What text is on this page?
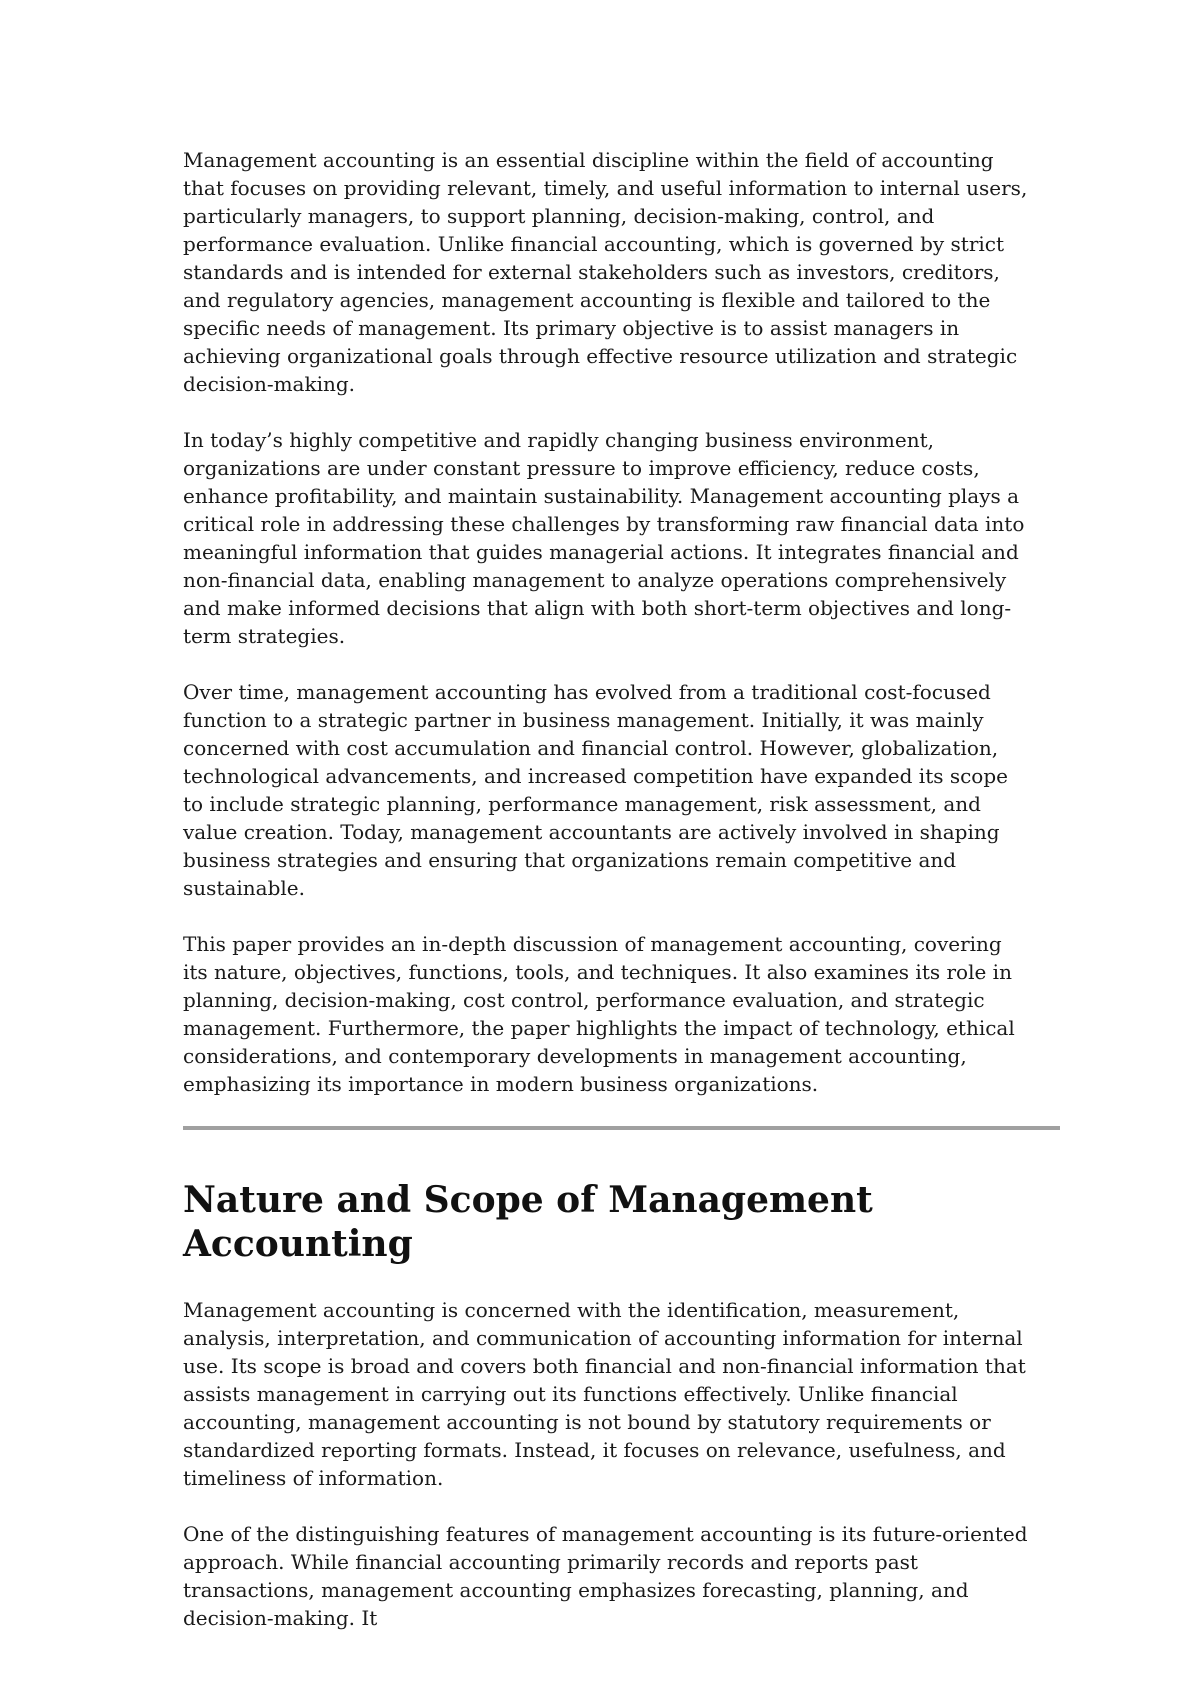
Management accounting is an essential discipline within the field of accounting that focuses on providing relevant, timely, and useful information to internal users, particularly managers, to support planning, decision-making, control, and performance evaluation. Unlike financial accounting, which is governed by strict standards and is intended for external stakeholders such as investors, creditors, and regulatory agencies, management accounting is flexible and tailored to the specific needs of management. Its primary objective is to assist managers in achieving organizational goals through effective resource utilization and strategic decision-making.

In today’s highly competitive and rapidly changing business environment, organizations are under constant pressure to improve efficiency, reduce costs, enhance profitability, and maintain sustainability. Management accounting plays a critical role in addressing these challenges by transforming raw financial data into meaningful information that guides managerial actions. It integrates financial and non-financial data, enabling management to analyze operations comprehensively and make informed decisions that align with both short-term objectives and long-term strategies.

Over time, management accounting has evolved from a traditional cost-focused function to a strategic partner in business management. Initially, it was mainly concerned with cost accumulation and financial control. However, globalization, technological advancements, and increased competition have expanded its scope to include strategic planning, performance management, risk assessment, and value creation. Today, management accountants are actively involved in shaping business strategies and ensuring that organizations remain competitive and sustainable.

This paper provides an in-depth discussion of management accounting, covering its nature, objectives, functions, tools, and techniques. It also examines its role in planning, decision-making, cost control, performance evaluation, and strategic management. Furthermore, the paper highlights the impact of technology, ethical considerations, and contemporary developments in management accounting, emphasizing its importance in modern business organizations.

Nature and Scope of Management Accounting

Management accounting is concerned with the identification, measurement, analysis, interpretation, and communication of accounting information for internal use. Its scope is broad and covers both financial and non-financial information that assists management in carrying out its functions effectively. Unlike financial accounting, management accounting is not bound by statutory requirements or standardized reporting formats. Instead, it focuses on relevance, usefulness, and timeliness of information.

One of the distinguishing features of management accounting is its future-oriented approach. While financial accounting primarily records and reports past transactions, management accounting emphasizes forecasting, planning, and decision-making. It
